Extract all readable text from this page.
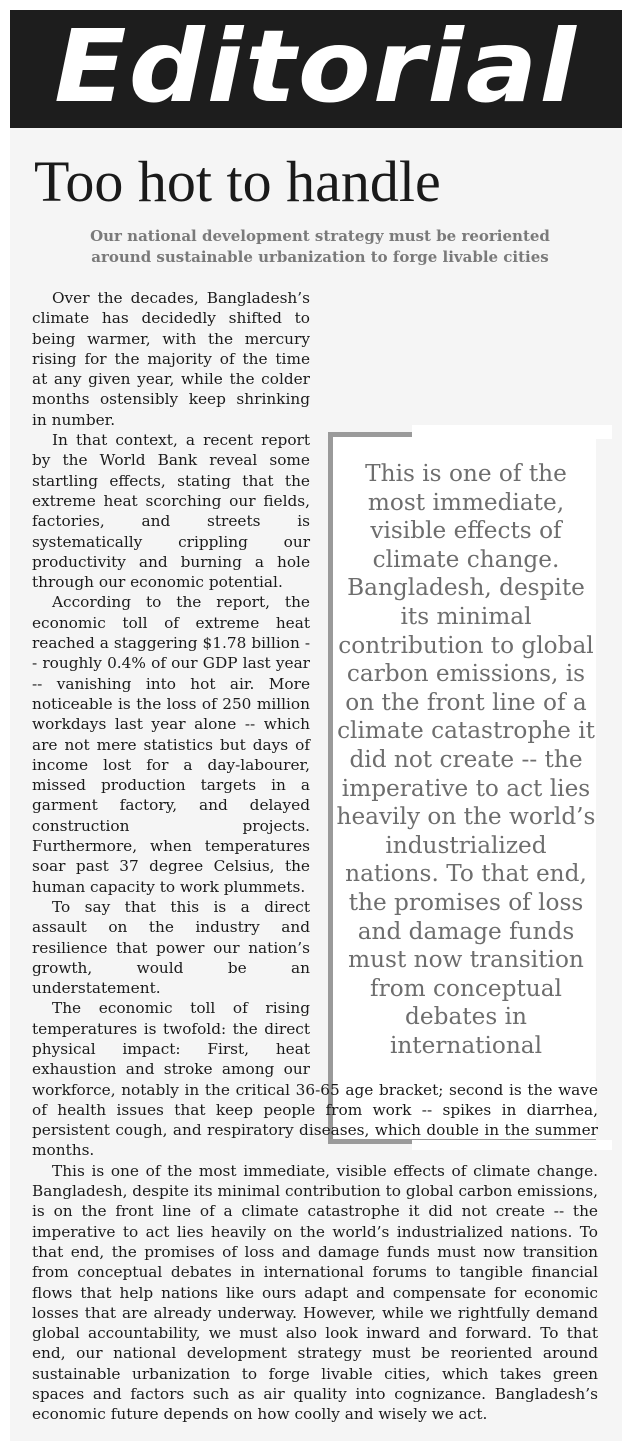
Editorial
Too hot to handle
Our national development strategy must be reoriented around sustainable urbanization to forge livable cities
This is one of the most immediate, visible effects of climate change. Bangladesh, despite its minimal contribution to global carbon emissions, is on the front line of a climate catastrophe it did not create -- the imperative to act lies heavily on the world’s industrialized nations. To that end, the promises of loss and damage funds must now transition from conceptual debates in international

Over the decades, Bangladesh’s climate has decidedly shifted to being warmer, with the mercury rising for the majority of the time at any given year, while the colder months ostensibly keep shrinking in number.

In that context, a recent report by the World Bank reveal some startling effects, stating that the extreme heat scorching our fields, factories, and streets is systematically crippling our productivity and burning a hole through our economic potential.

According to the report, the economic toll of extreme heat reached a staggering $1.78 billion -- roughly 0.4% of our GDP last year -- vanishing into hot air. More noticeable is the loss of 250 million workdays last year alone -- which are not mere statistics but days of income lost for a day-labourer, missed production targets in a garment factory, and delayed construction projects. Furthermore, when temperatures soar past 37 degree Celsius, the human capacity to work plummets.

To say that this is a direct assault on the industry and resilience that power our nation’s growth, would be an understatement.

The economic toll of rising temperatures is twofold: the direct physical impact: First, heat exhaustion and stroke among our workforce, notably in the critical 36-65 age bracket; second is the wave of health issues that keep people from work -- spikes in diarrhea, persistent cough, and respiratory diseases, which double in the summer months.

This is one of the most immediate, visible effects of climate change. Bangladesh, despite its minimal contribution to global carbon emissions, is on the front line of a climate catastrophe it did not create -- the imperative to act lies heavily on the world’s industrialized nations. To that end, the promises of loss and damage funds must now transition from conceptual debates in international forums to tangible financial flows that help nations like ours adapt and compensate for economic losses that are already underway. However, while we rightfully demand global accountability, we must also look inward and forward. To that end, our national development strategy must be reoriented around sustainable urbanization to forge livable cities, which takes green spaces and factors such as air quality into cognizance. Bangladesh’s economic future depends on how coolly and wisely we act.
